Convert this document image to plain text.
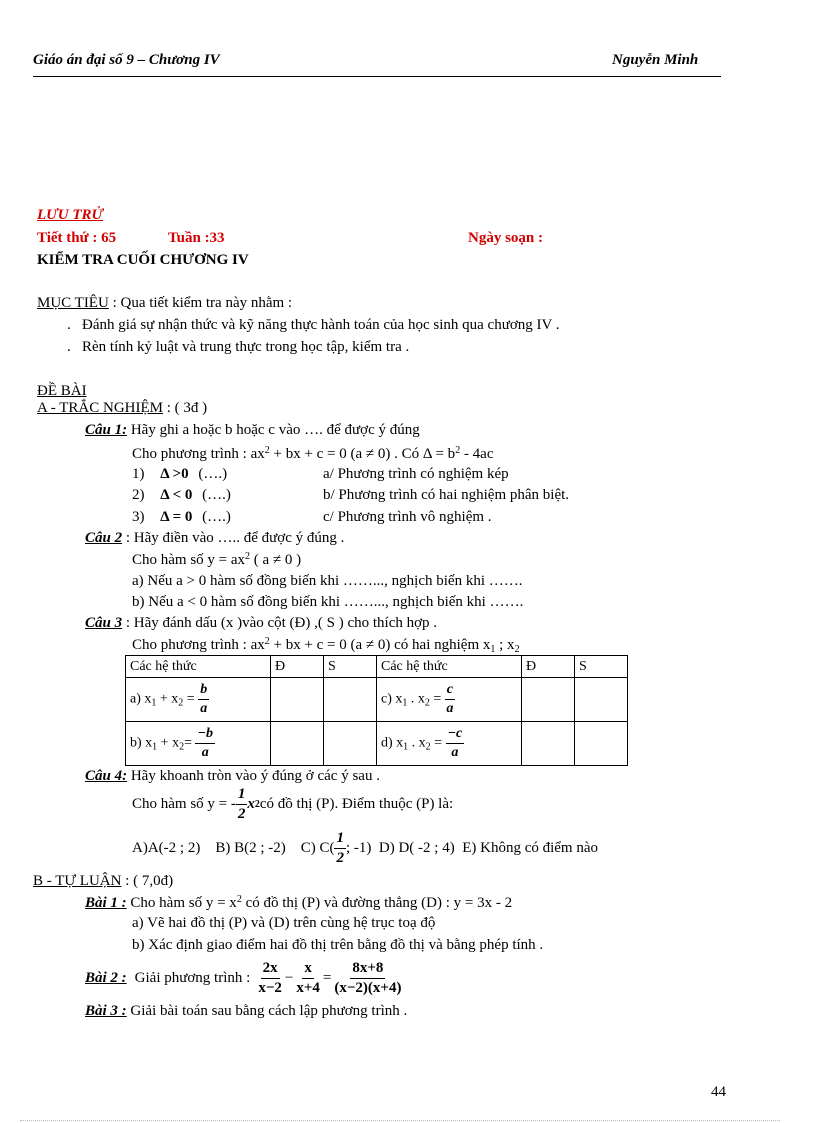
Giáo án đại số 9 – Chương IV	Nguyễn Minh
LƯU TRỬ
Tiết thứ : 65	Tuần :33	Ngày soạn :
KIỂM TRA CUỐI CHƯƠNG IV
MỤC TIÊU : Qua tiết kiểm tra này nhằm :
.   Đánh giá sự nhận thức và kỹ năng thực hành toán của học sinh qua chương IV .
.   Rèn tính kỷ luật và trung thực trong học tập, kiểm tra .
ĐỀ BÀI
A - TRẮC NGHIỆM : ( 3đ )
Câu 1: Hãy ghi a hoặc b hoặc c vào …. để được ý đúng
Cho phương trình : $ax^2$ + bx + c = 0 (a ≠ 0) . Có $\Delta = b^2 - 4ac$
1) Δ >0 (….)	a/ Phương trình có nghiệm kép
2) Δ < 0 (….)	b/ Phương trình có hai nghiệm phân biệt.
3) Δ = 0 (….)	c/ Phương trình vô nghiệm .
Câu 2 : Hãy điền vào ….. để được ý đúng .
Cho hàm số $y = ax^2$ ( a ≠ 0 )
a) Nếu a > 0 hàm số đồng biến khi ……..., nghịch biến khi …….
b) Nếu a < 0 hàm số đồng biến khi ……..., nghịch biến khi …….
Câu 3 : Hãy đánh dấu (x )vào cột (Đ) ,( S ) cho thích hợp .
Cho phương trình : $ax^2$ + bx + c = 0 (a ≠ 0) có hai nghiệm $x_1$ ; $x_2$
Các hệ thức	Đ	S	Các hệ thức	Đ	S
a) $x_1 + x_2 = \frac{b}{a}$			c) $x_1$ . $x_2 = \frac{c}{a}$

b) $x_1 + x_2= \frac{-b}{a}$			d) $x_1$ . $x_2 = \frac{-c}{a}$

Câu 4: Hãy khoanh tròn vào ý đúng ở các ý sau .
Cho hàm số y = - $\frac{1}{2}$ x 2 có đồ thị (P). Điểm thuộc (P) là:
A)A(-2 ; 2)    B) B(2 ; -2)    C) $C( \frac{1}{2}$ ; -1)  D) D( -2 ; 4)  E) Không có điểm nào
B - TỰ LUẬN : ( 7,0đ)
Bài 1 : Cho hàm số $y = x^2$ có đồ thị (P) và đường thẳng (D) : y = 3x - 2
a) Vẽ hai đồ thị (P) và (D) trên cùng hệ trục toạ độ
b) Xác định giao điểm hai đồ thị trên bằng đồ thị và bằng phép tính .
Bài 2 : Giải phương trình : $\frac{2x}{x-2} - \frac{x}{x+4} = \frac{8x+8}{(x-2)(x+4)}$
Bài 3 : Giải bài toán sau bằng cách lập phương trình .
44
